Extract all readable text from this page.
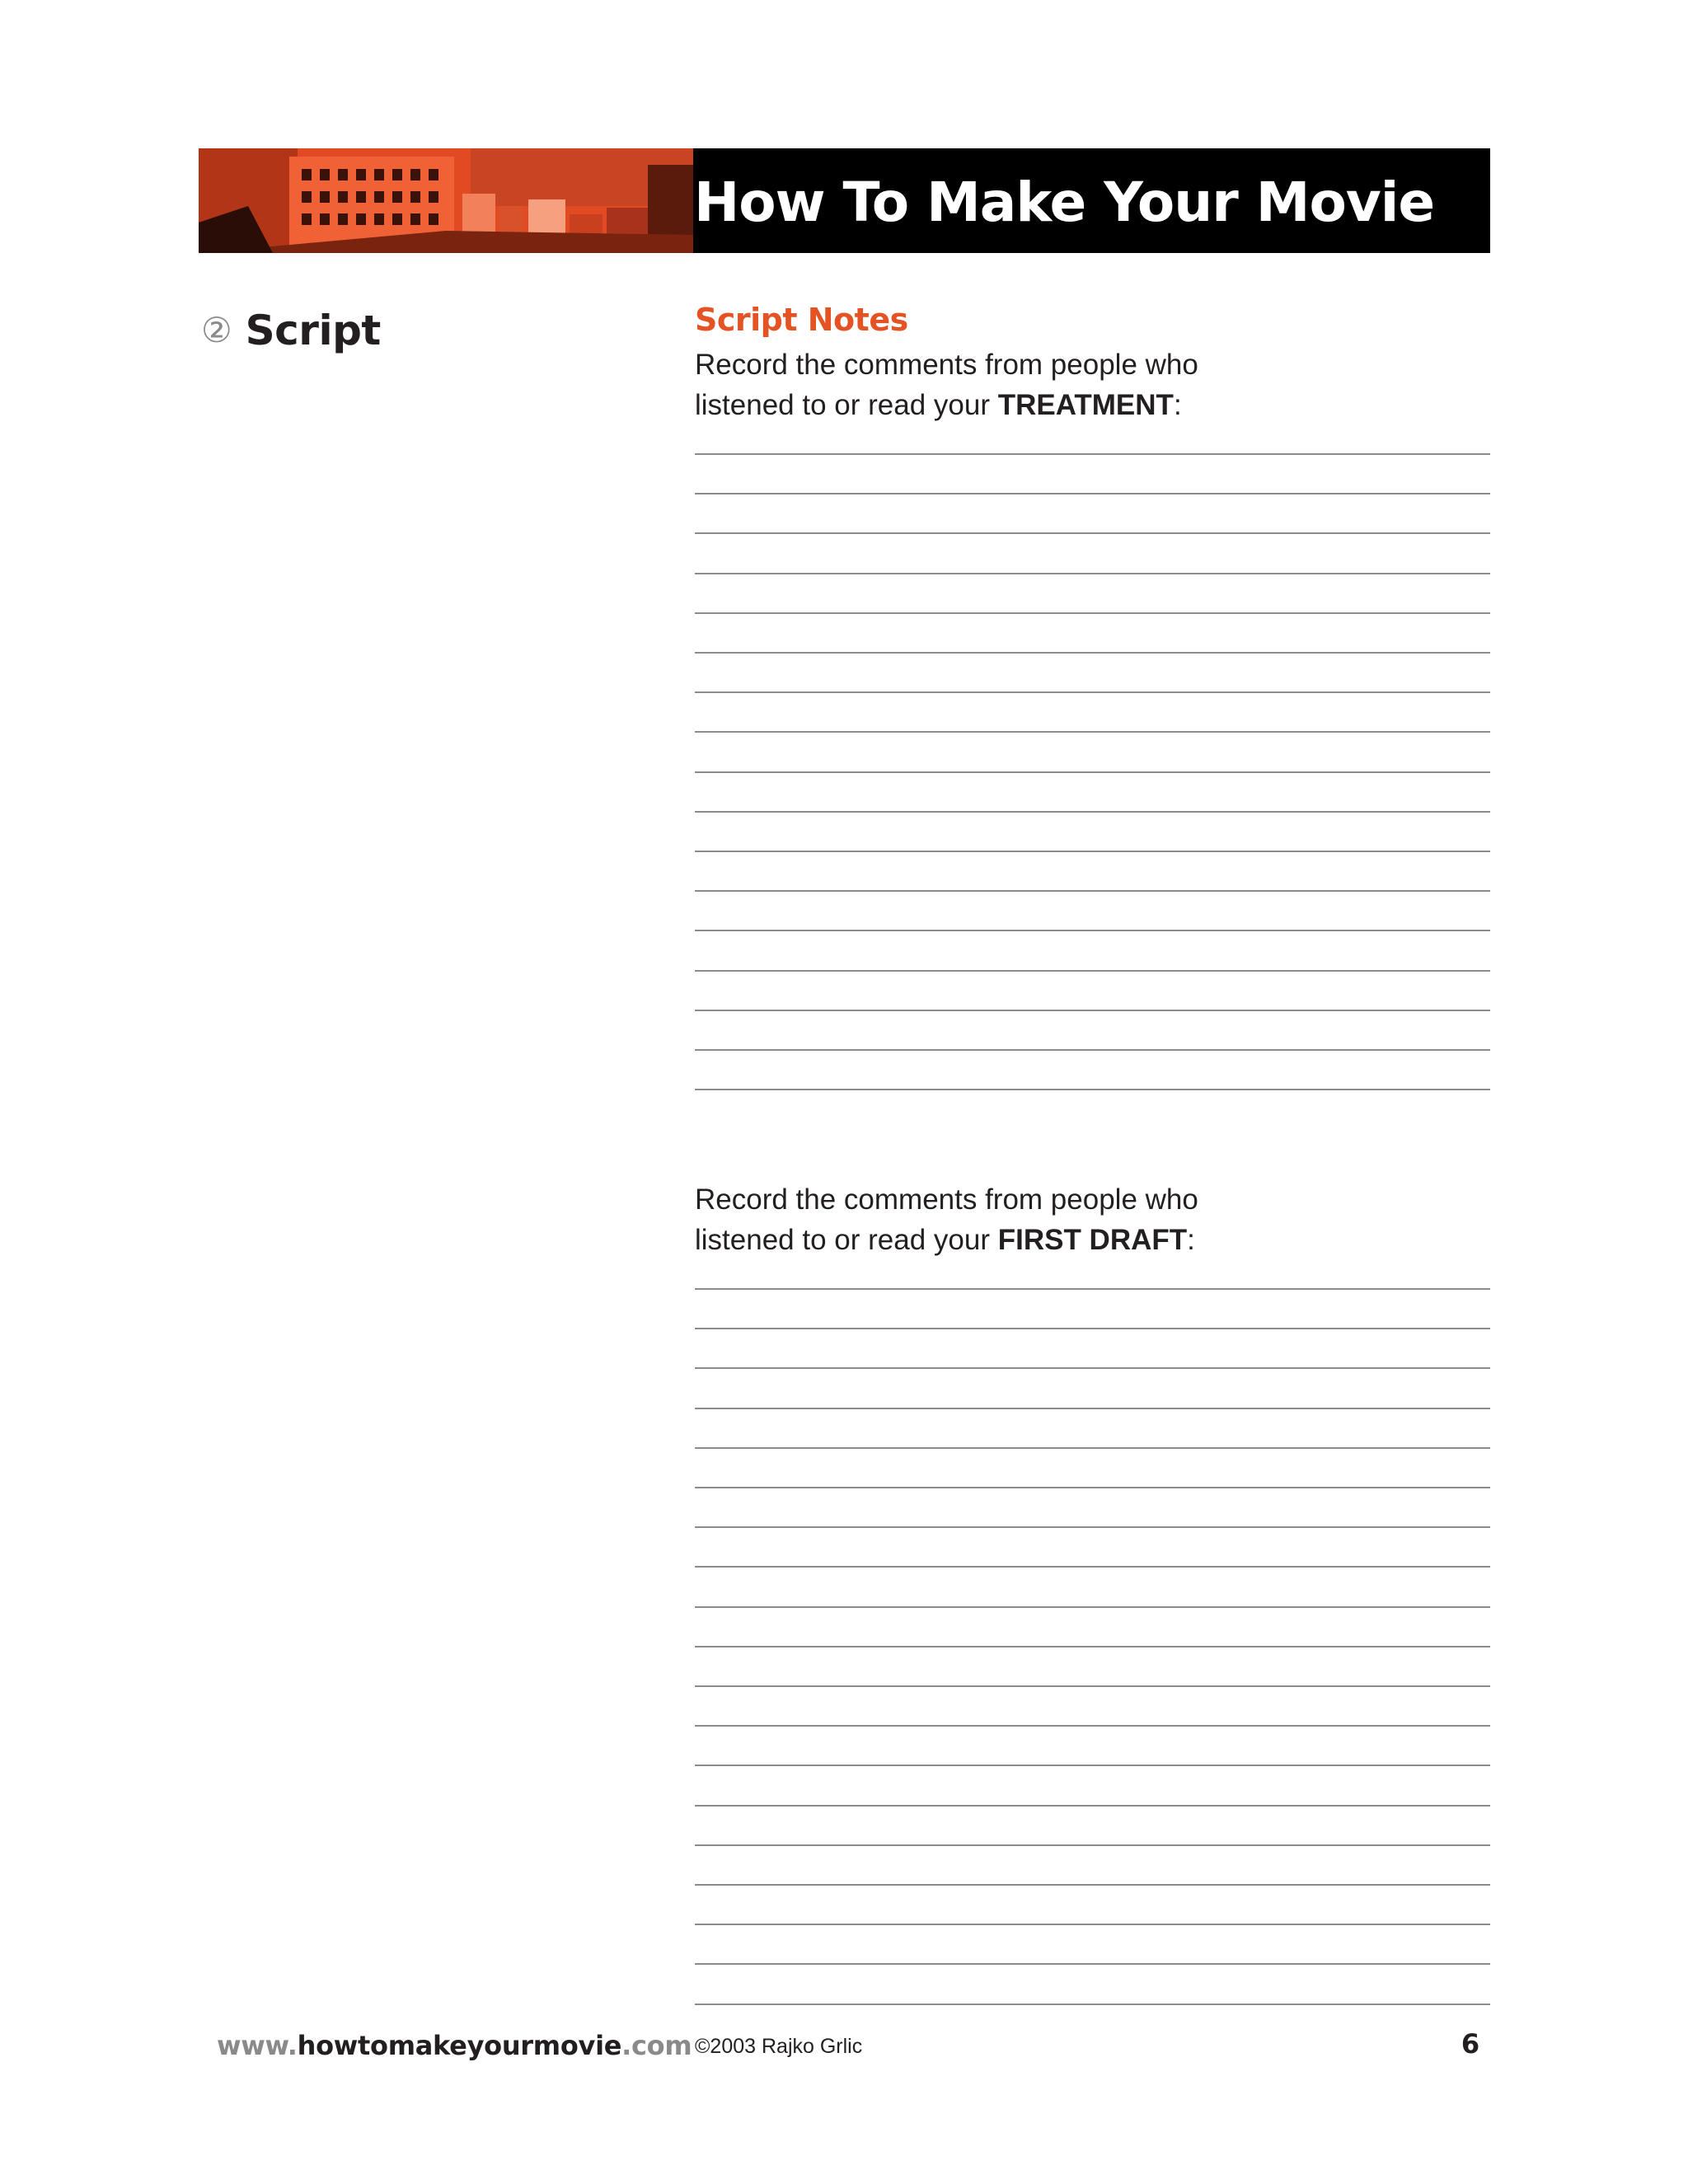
How To Make Your Movie
② Script	Script Notes
Record the comments from people who
listened to or read your TREATMENT:
Record the comments from people who
listened to or read your FIRST DRAFT:
www.howtomakeyourmovie.com ©2003 Rajko Grlic	6
